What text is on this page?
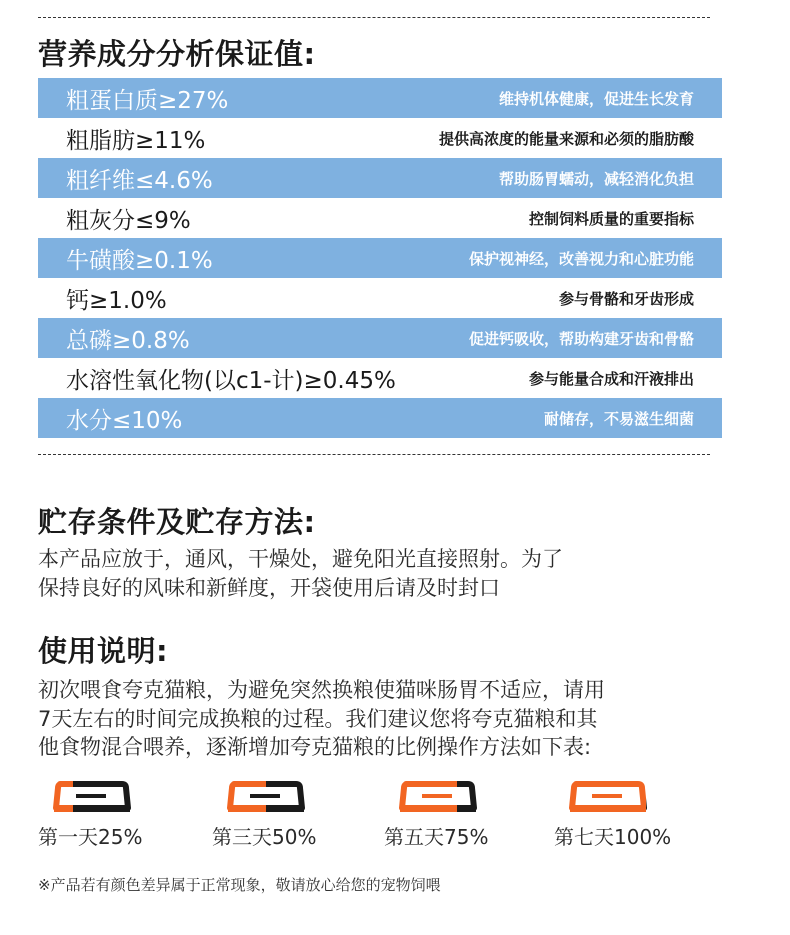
营养成分分析保证值:
粗蛋白质≥27%	维持机体健康，促进生长发育
粗脂肪≥11%	提供高浓度的能量来源和必须的脂肪酸
粗纤维≤4.6%	帮助肠胃蠕动，减轻消化负担
粗灰分≤9%	控制饲料质量的重要指标
牛磺酸≥0.1%	保护视神经，改善视力和心脏功能
钙≥1.0%	参与骨骼和牙齿形成
总磷≥0.8%	促进钙吸收，帮助构建牙齿和骨骼
水溶性氧化物(以c1-计)≥0.45%	参与能量合成和汗液排出
水分≤10%	耐储存，不易滋生细菌
贮存条件及贮存方法:
本产品应放于，通风，干燥处，避免阳光直接照射。为了
保持良好的风味和新鲜度，开袋使用后请及时封口
使用说明:
初次喂食夸克猫粮，为避免突然换粮使猫咪肠胃不适应，请用
7天左右的时间完成换粮的过程。我们建议您将夸克猫粮和其
他食物混合喂养，逐渐增加夸克猫粮的比例操作方法如下表:
第一天25%	第三天50%	第五天75%	第七天100%
※产品若有颜色差异属于正常现象，敬请放心给您的宠物饲喂
